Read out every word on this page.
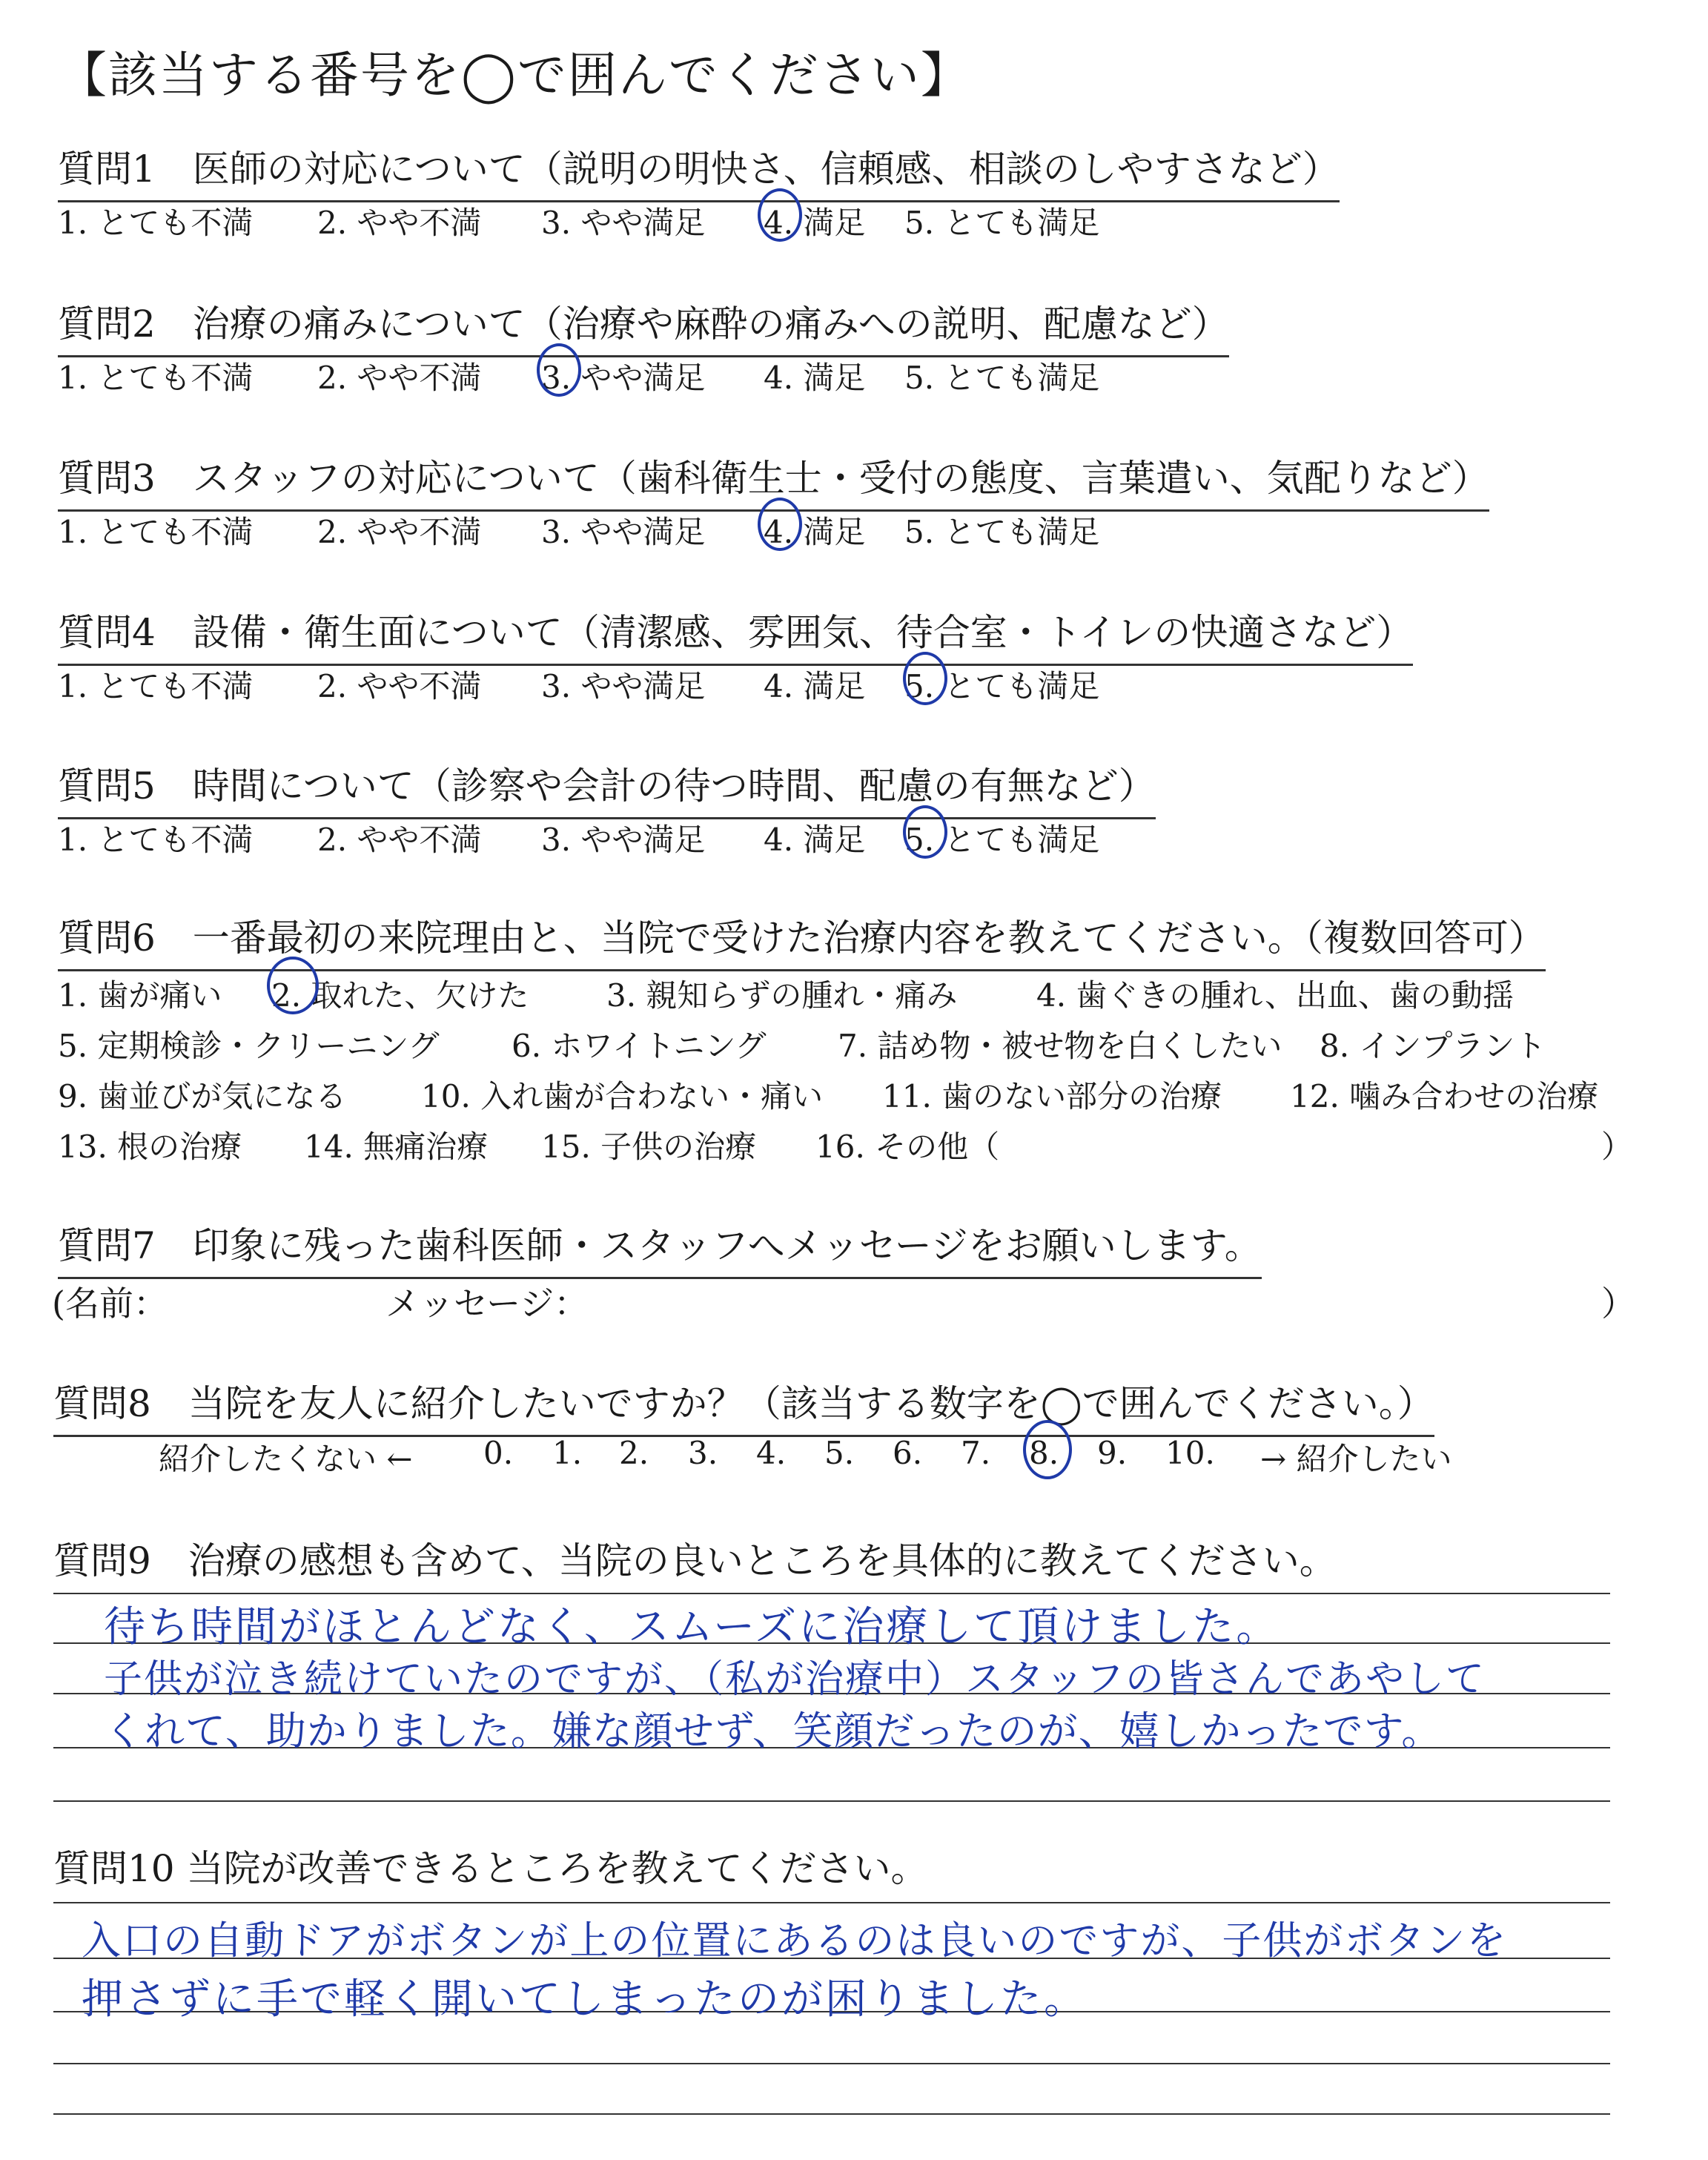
【該当する番号を◯で囲んでください】
質問1　医師の対応について（説明の明快さ、信頼感、相談のしやすさなど）
1. とても不満 2. やや不満 3. やや満足 4. 満足 5. とても満足
質問2　治療の痛みについて（治療や麻酔の痛みへの説明、配慮など）
1. とても不満 2. やや不満 3. やや満足 4. 満足 5. とても満足
質問3　スタッフの対応について（歯科衛生士・受付の態度、言葉遣い、気配りなど）
1. とても不満 2. やや不満 3. やや満足 4. 満足 5. とても満足
質問4　設備・衛生面について（清潔感、雰囲気、待合室・トイレの快適さなど）
1. とても不満 2. やや不満 3. やや満足 4. 満足 5. とても満足
質問5　時間について（診察や会計の待つ時間、配慮の有無など）
1. とても不満 2. やや不満 3. やや満足 4. 満足 5. とても満足
質問6　一番最初の来院理由と、当院で受けた治療内容を教えてください。（複数回答可）
1. 歯が痛い 2. 取れた、欠けた 3. 親知らずの腫れ・痛み	4. 歯ぐきの腫れ、出血、歯の動揺
5. 定期検診・クリーニング 6. ホワイトニング 7. 詰め物・被せ物を白くしたい 8. インプラント
9. 歯並びが気になる 10. 入れ歯が合わない・痛い 11. 歯のない部分の治療 12. 噛み合わせの治療
13. 根の治療 14. 無痛治療 15. 子供の治療 16. その他（	）
質問7　印象に残った歯科医師・スタッフへメッセージをお願いします。
(名前：	メッセージ：	）
質問8　当院を友人に紹介したいですか？（該当する数字を◯で囲んでください。）
紹介したくない ← 0. 1. 2. 3. 4. 5. 6. 7. 8. 9. 10. → 紹介したい
質問9　治療の感想も含めて、当院の良いところを具体的に教えてください。
待ち時間がほとんどなく、スムーズに治療して頂けました。
子供が泣き続けていたのですが、（私が治療中）スタッフの皆さんであやして
くれて、助かりました。嫌な顔せず、笑顔だったのが、嬉しかったです。
質問10 当院が改善できるところを教えてください。
入口の自動ドアがボタンが上の位置にあるのは良いのですが、子供がボタンを
押さずに手で軽く開いてしまったのが困りました。
